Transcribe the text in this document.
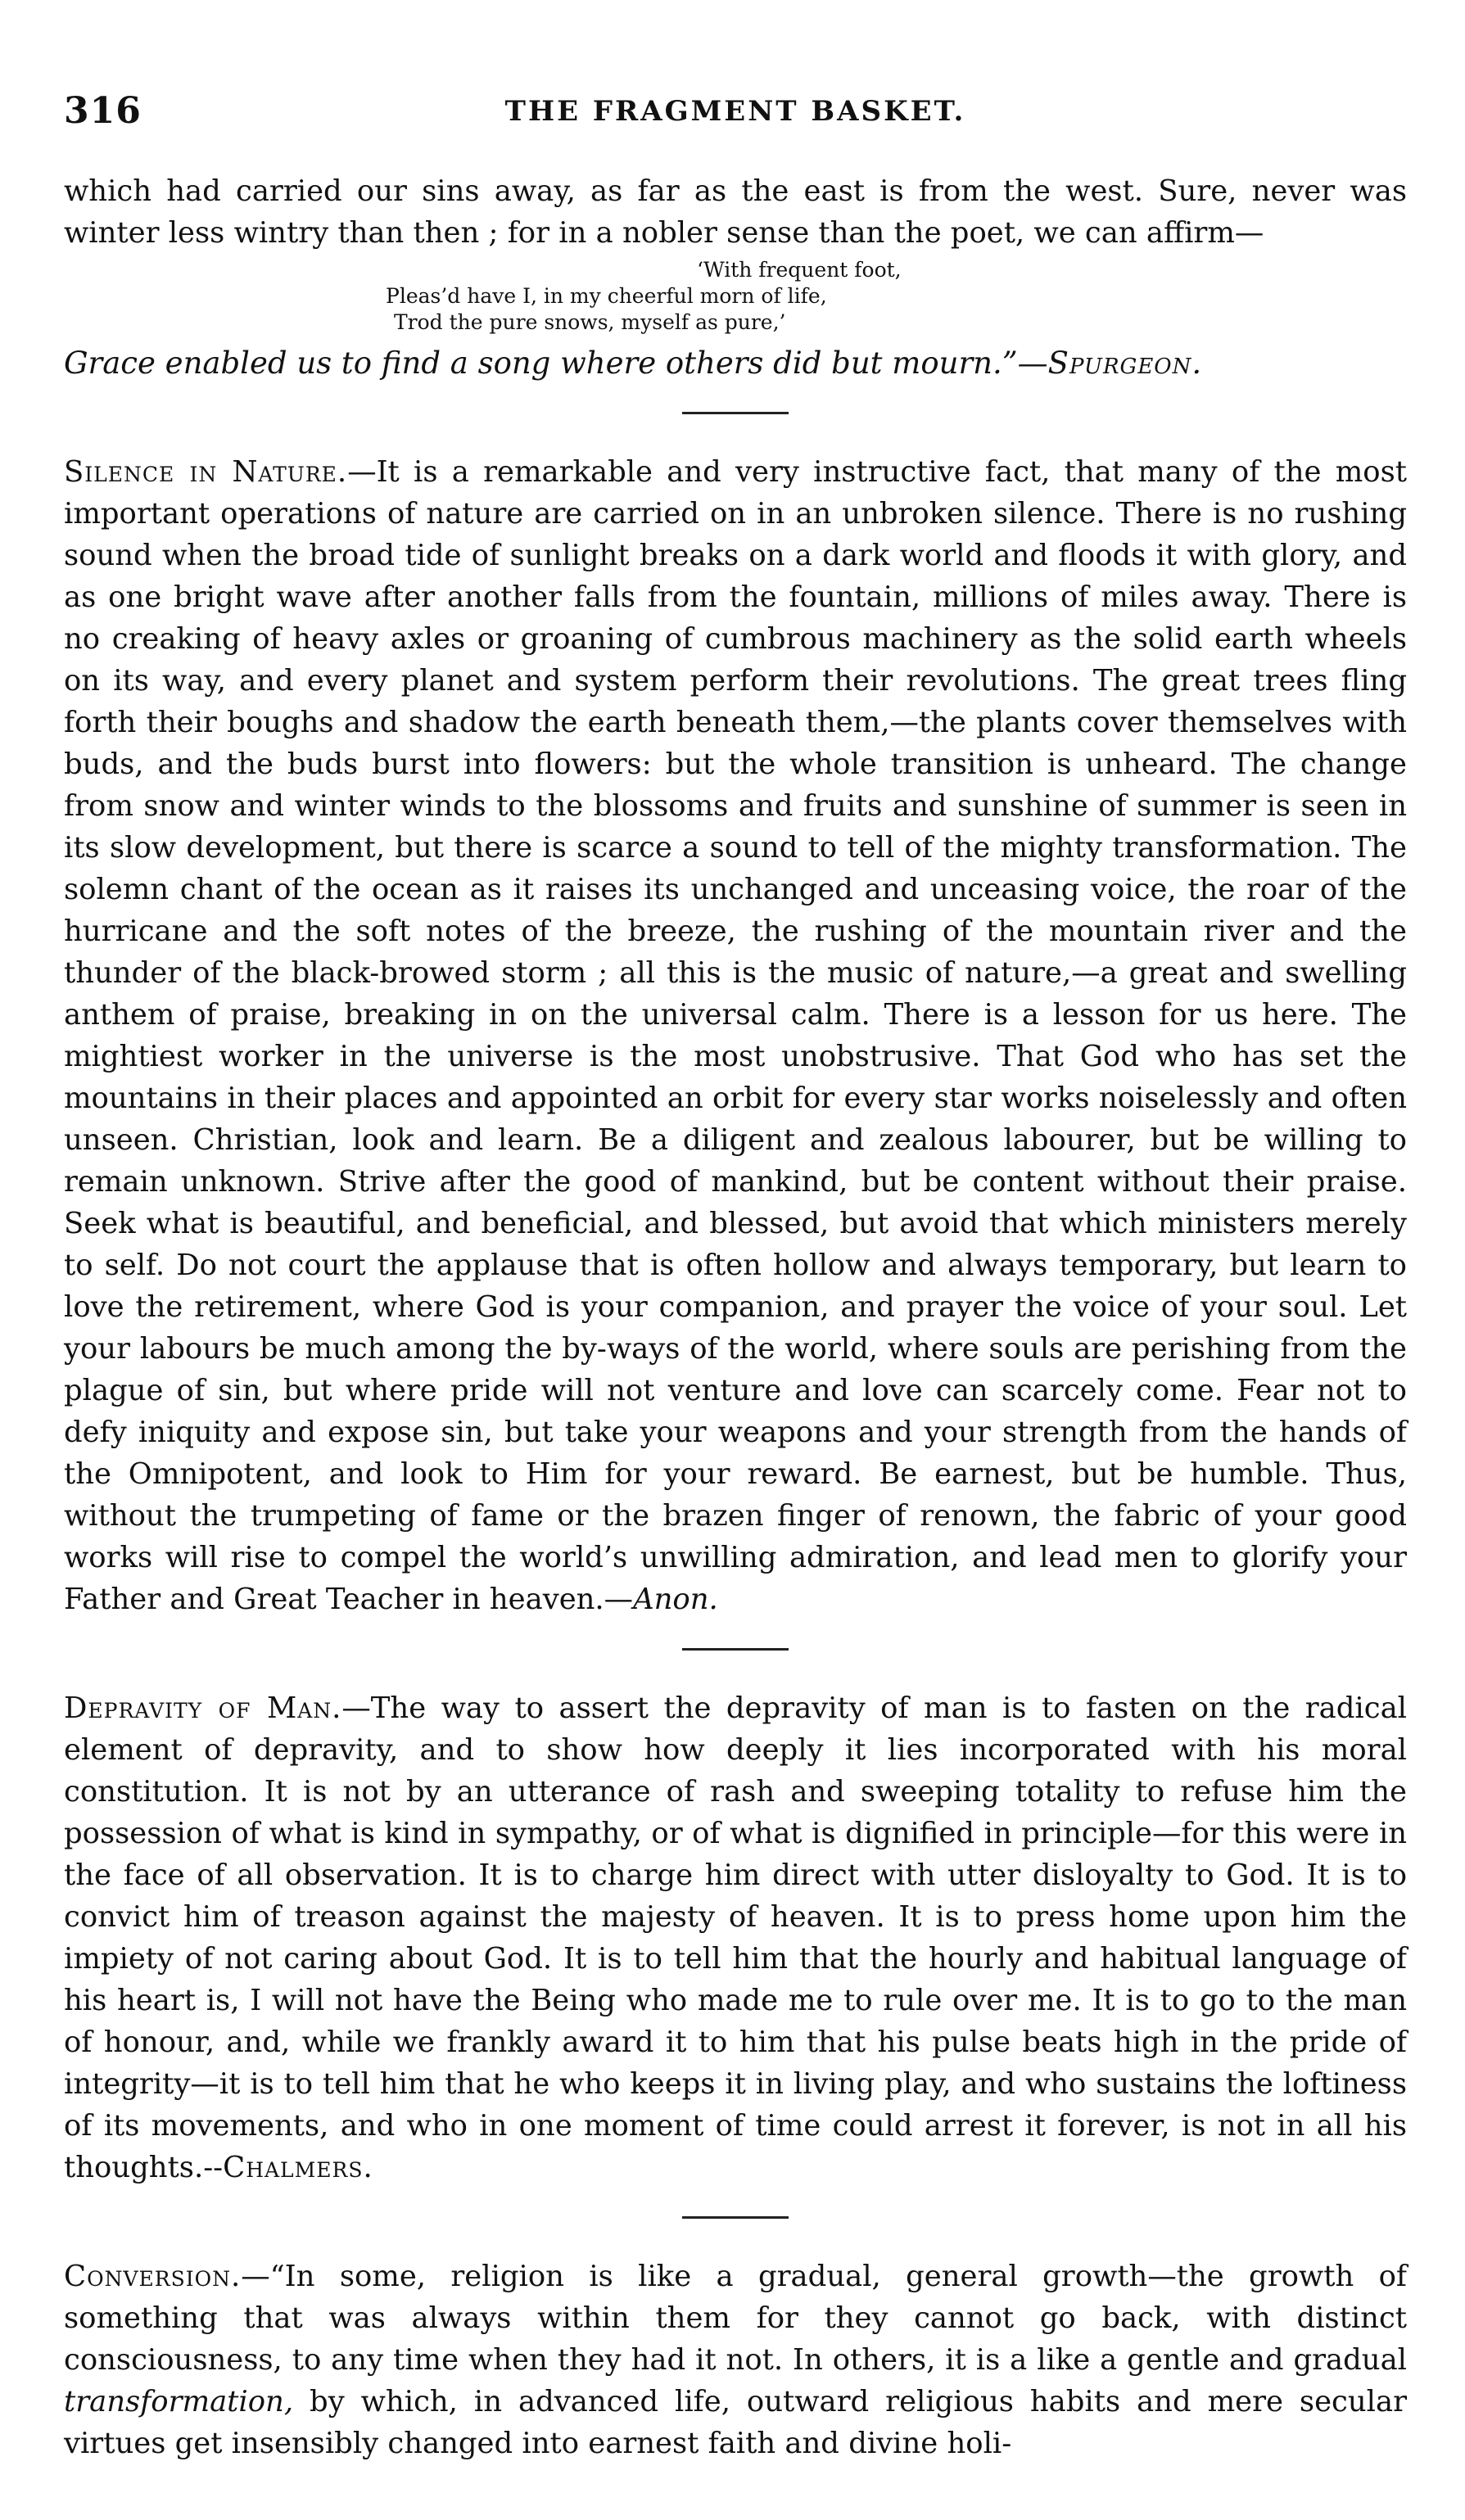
316	THE FRAGMENT BASKET.

which had carried our sins away, as far as the east is from the west. Sure, never was winter less wintry than then ; for in a nobler sense than the poet, we can affirm—

‘With frequent foot,
Pleas’d have I, in my cheerful morn of life,
Trod the pure snows, myself as pure,’

Grace enabled us to find a song where others did but mourn.”—Spurgeon.

Silence in Nature.—It is a remarkable and very instructive fact, that many of the most important operations of nature are carried on in an unbroken silence. There is no rushing sound when the broad tide of sunlight breaks on a dark world and floods it with glory, and as one bright wave after another falls from the fountain, millions of miles away. There is no creaking of heavy axles or groaning of cumbrous machinery as the solid earth wheels on its way, and every planet and system perform their revolutions. The great trees fling forth their boughs and shadow the earth beneath them,—the plants cover themselves with buds, and the buds burst into flowers: but the whole transition is unheard. The change from snow and winter winds to the blossoms and fruits and sunshine of summer is seen in its slow development, but there is scarce a sound to tell of the mighty transformation. The solemn chant of the ocean as it raises its unchanged and unceasing voice, the roar of the hurricane and the soft notes of the breeze, the rushing of the mountain river and the thunder of the black-browed storm ; all this is the music of nature,—a great and swelling anthem of praise, breaking in on the universal calm. There is a lesson for us here. The mightiest worker in the universe is the most unobstrusive. That God who has set the mountains in their places and appointed an orbit for every star works noiselessly and often unseen. Christian, look and learn. Be a diligent and zealous labourer, but be willing to remain unknown. Strive after the good of mankind, but be content without their praise. Seek what is beautiful, and beneficial, and blessed, but avoid that which ministers merely to self. Do not court the applause that is often hollow and always temporary, but learn to love the retirement, where God is your companion, and prayer the voice of your soul. Let your labours be much among the by-ways of the world, where souls are perishing from the plague of sin, but where pride will not venture and love can scarcely come. Fear not to defy iniquity and expose sin, but take your weapons and your strength from the hands of the Omnipotent, and look to Him for your reward. Be earnest, but be humble. Thus, without the trumpeting of fame or the brazen finger of renown, the fabric of your good works will rise to compel the world’s unwilling admiration, and lead men to glorify your Father and Great Teacher in heaven.—Anon.

Depravity of Man.—The way to assert the depravity of man is to fasten on the radical element of depravity, and to show how deeply it lies incorporated with his moral constitution. It is not by an utterance of rash and sweeping totality to refuse him the possession of what is kind in sympathy, or of what is dignified in principle—for this were in the face of all observation. It is to charge him direct with utter disloyalty to God. It is to convict him of treason against the majesty of heaven. It is to press home upon him the impiety of not caring about God. It is to tell him that the hourly and habitual language of his heart is, I will not have the Being who made me to rule over me. It is to go to the man of honour, and, while we frankly award it to him that his pulse beats high in the pride of integrity—it is to tell him that he who keeps it in living play, and who sustains the loftiness of its movements, and who in one moment of time could arrest it forever, is not in all his thoughts.--Chalmers.

Conversion.—“In some, religion is like a gradual, general growth—the growth of something that was always within them for they cannot go back, with distinct consciousness, to any time when they had it not. In others, it is a like a gentle and gradual transformation, by which, in advanced life, outward religious habits and mere secular virtues get insensibly changed into earnest faith and divine holi-
